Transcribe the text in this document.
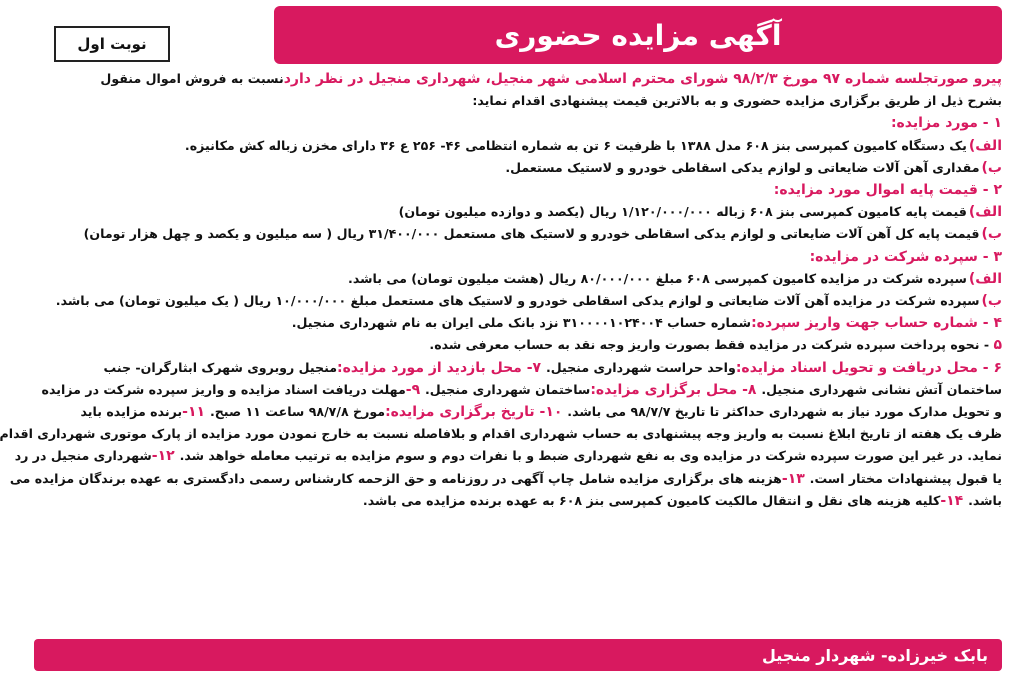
آگهی مزایده حضوری
نوبت اول
پیرو صورتجلسه شماره ۹۷ مورخ ۹۸/۲/۳ شورای محترم اسلامی شهر منجیل، شهرداری منجیل در نظر داردنسبت به فروش اموال منقول
بشرح ذیل از طریق برگزاری مزایده حضوری و به بالاترین قیمت پیشنهادی اقدام نماید:
۱ - مورد مزایده:
الف)یک دستگاه کامیون کمپرسی بنز ۶۰۸ مدل ۱۳۸۸ با ظرفیت ۶ تن به شماره انتظامی ۴۶- ۲۵۶ ع ۳۶ دارای مخزن زباله کش مکانیزه.
ب)مقداری آهن آلات ضایعاتی و لوازم یدکی اسقاطی خودرو و لاستیک مستعمل.
۲ - قیمت پایه اموال مورد مزایده:
الف)قیمت پایه کامیون کمپرسی بنز ۶۰۸ زباله ۱/۱۲۰/۰۰۰/۰۰۰ ریال (یکصد و دوازده میلیون تومان)
ب)قیمت پایه کل آهن آلات ضایعاتی و لوازم یدکی اسقاطی خودرو و لاستیک های مستعمل ۳۱/۴۰۰/۰۰۰ ریال ( سه میلیون و یکصد و چهل هزار تومان)
۳ - سپرده شرکت در مزایده:
الف)سپرده شرکت در مزایده کامیون کمپرسی ۶۰۸ مبلغ ۸۰/۰۰۰/۰۰۰ ریال (هشت میلیون تومان) می باشد.
ب)سپرده شرکت در مزایده آهن آلات ضایعاتی و لوازم یدکی اسقاطی خودرو و لاستیک های مستعمل مبلغ ۱۰/۰۰۰/۰۰۰ ریال ( یک میلیون تومان) می باشد.
۴ - شماره حساب جهت واریز سپرده:شماره حساب ۳۱۰۰۰۰۱۰۲۴۰۰۴ نزد بانک ملی ایران به نام شهرداری منجیل.
۵ - نحوه پرداخت سپرده شرکت در مزایده فقط بصورت واریز وجه نقد به حساب معرفی شده.
۶ - محل دریافت و تحویل اسناد مزایده:واحد حراست شهرداری منجیل. ۷- محل بازدید از مورد مزایده:منجیل روبروی شهرک ابثارگران- جنب
ساختمان آتش نشانی شهرداری منجیل. ۸- محل برگزاری مزایده:ساختمان شهرداری منجیل. ۹-مهلت دریافت اسناد مزایده و واریز سپرده شرکت در مزایده
و تحویل مدارک مورد نیاز به شهرداری حداکثر تا تاریخ ۹۸/۷/۷ می باشد. ۱۰- تاریخ برگزاری مزایده:مورخ ۹۸/۷/۸ ساعت ۱۱ صبح. ۱۱-برنده مزایده باید
ظرف یک هفته از تاریخ ابلاغ نسبت به واریز وجه پیشنهادی به حساب شهرداری اقدام و بلافاصله نسبت به خارج نمودن مورد مزایده از پارک موتوری شهرداری اقدام
نماید. در غیر این صورت سپرده شرکت در مزایده وی به نفع شهرداری ضبط و با نفرات دوم و سوم مزایده به ترتیب معامله خواهد شد. ۱۲-شهرداری منجیل در رد
یا قبول پیشنهادات مختار است. ۱۳-هزینه های برگزاری مزایده شامل چاپ آگهی در روزنامه و حق الزحمه کارشناس رسمی دادگستری به عهده برندگان مزایده می
باشد. ۱۴-کلیه هزینه های نقل و انتقال مالکیت کامیون کمپرسی بنز ۶۰۸ به عهده برنده مزایده می باشد.
بابک خیرزاده- شهردار منجیل
